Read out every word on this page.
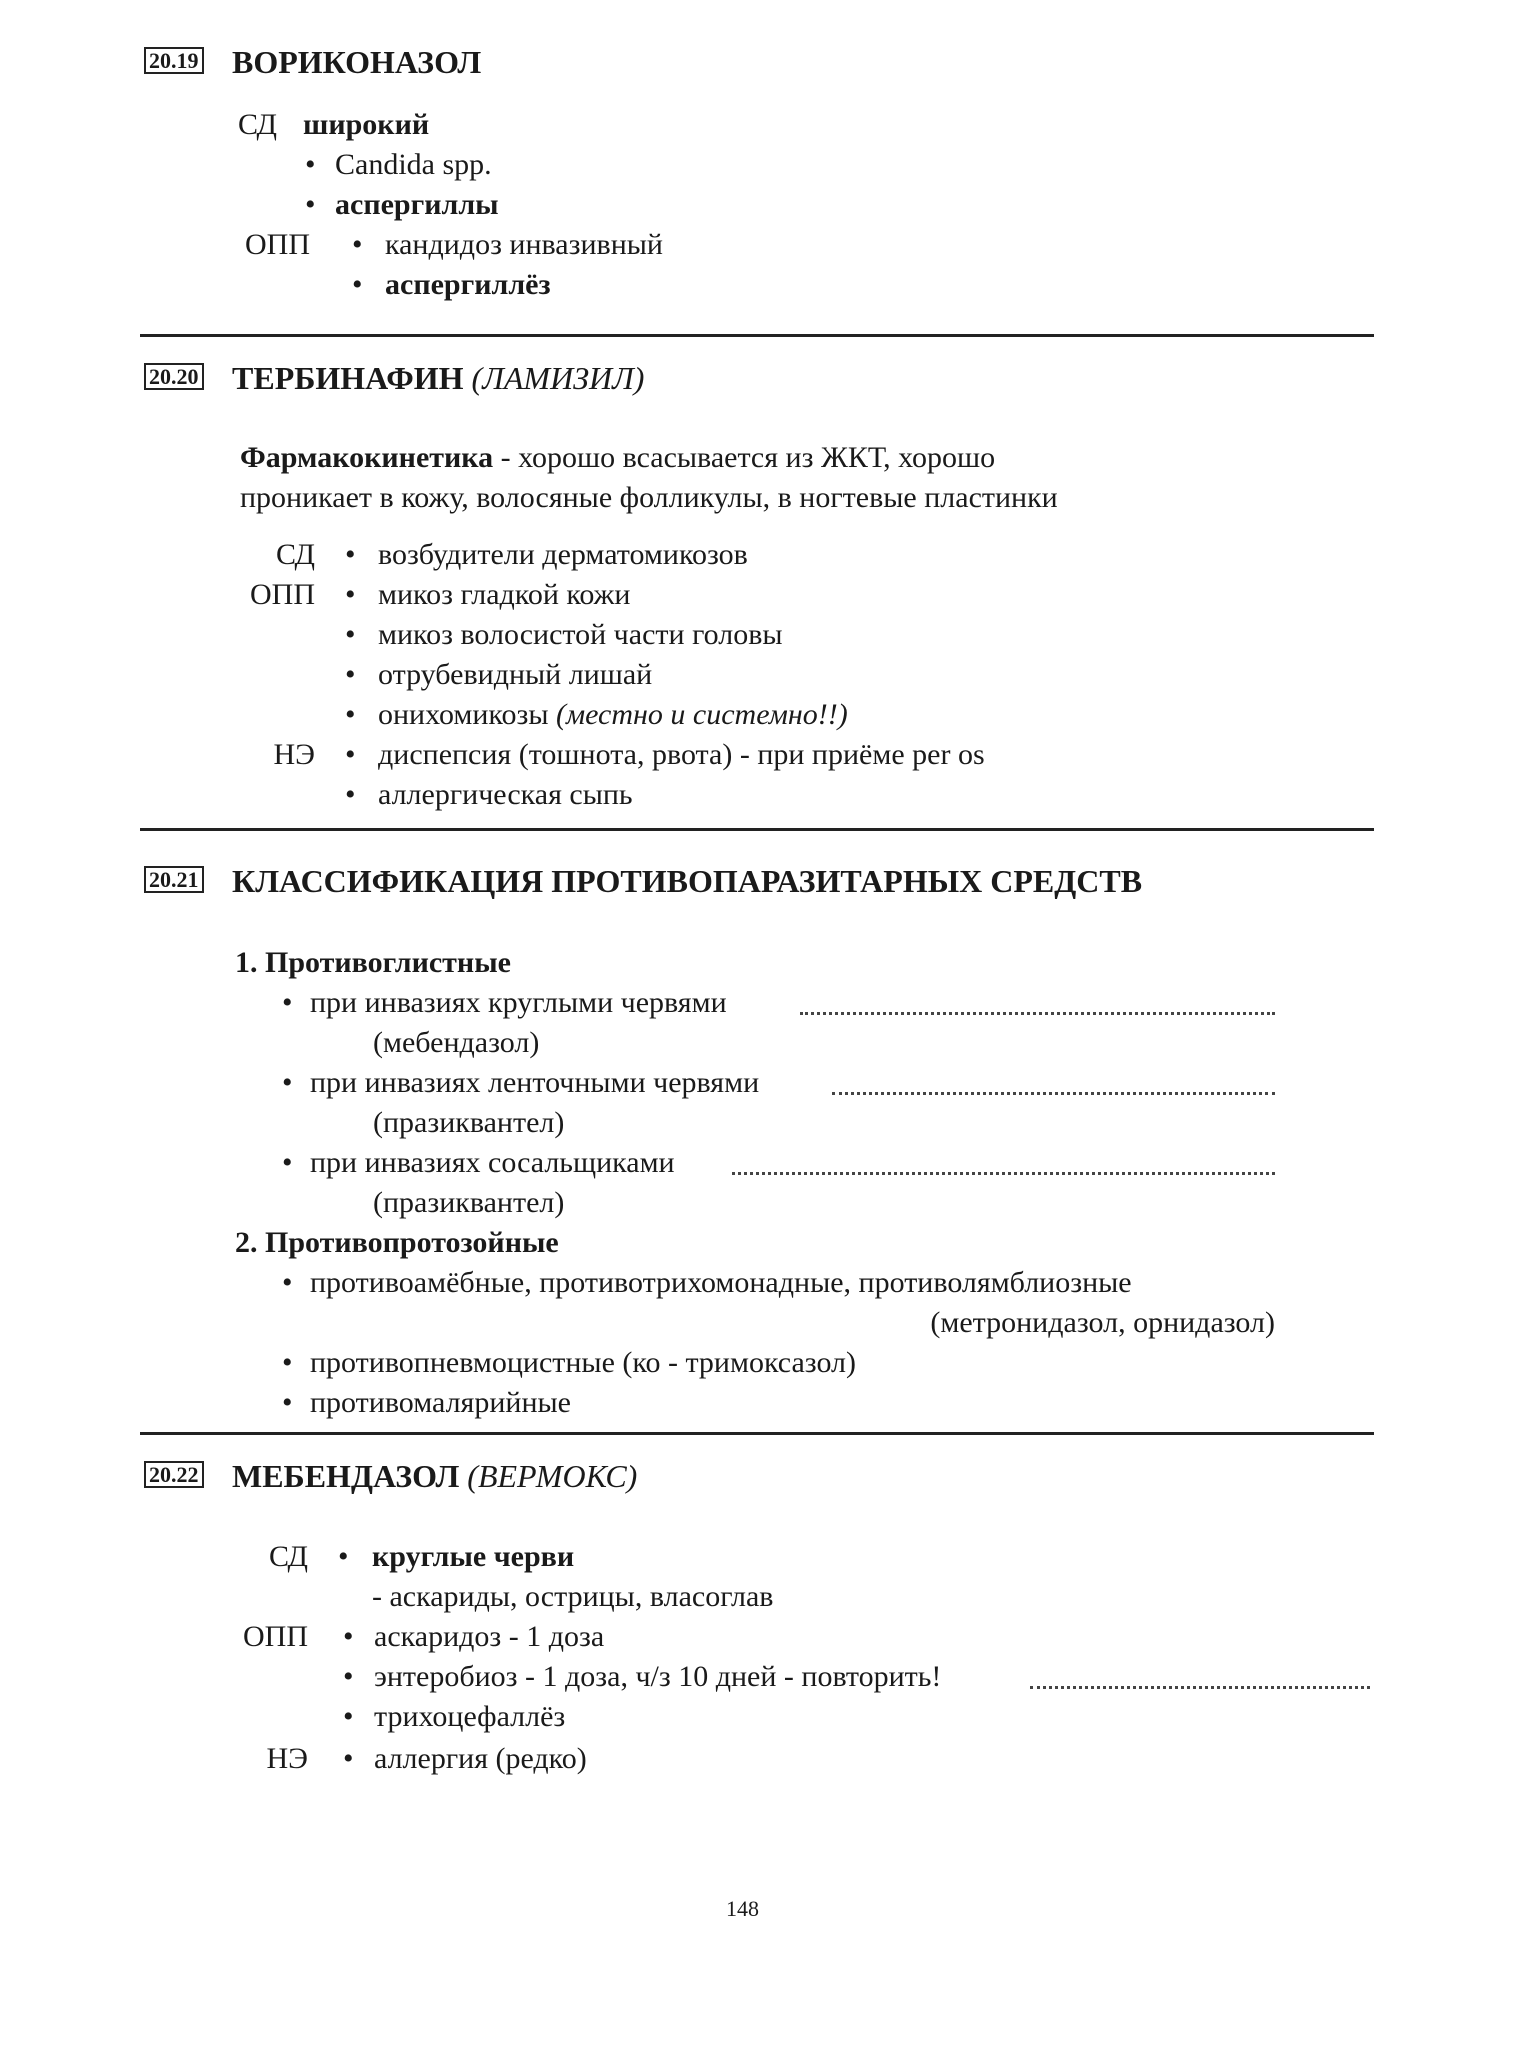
20.19 ВОРИКОНАЗОЛ
СД широкий
• Candida spp.
• аспергиллы
ОПП • кандидоз инвазивный
• аспергиллёз
20.20 ТЕРБИНАФИН (ЛАМИЗИЛ)
Фармакокинетика - хорошо всасывается из ЖКТ, хорошо
проникает в кожу, волосяные фолликулы, в ногтевые пластинки
СД • возбудители дерматомикозов
ОПП • микоз гладкой кожи
• микоз волосистой части головы
• отрубевидный лишай
• онихомикозы (местно и системно!!)
НЭ • диспепсия (тошнота, рвота) - при приёме per os
• аллергическая сыпь
20.21 КЛАССИФИКАЦИЯ ПРОТИВОПАРАЗИТАРНЫХ СРЕДСТВ
1. Противоглистные
• при инвазиях круглыми червями
(мебендазол)
• при инвазиях ленточными червями
(празиквантел)
• при инвазиях сосальщиками
(празиквантел)
2. Противопротозойные
• противоамёбные, противотрихомонадные, противолямблиозные
(метронидазол, орнидазол)
• противопневмоцистные (ко - тримоксазол)
• противомалярийные
20.22 МЕБЕНДАЗОЛ (ВЕРМОКС)
СД • круглые черви
- аскариды, острицы, власоглав
ОПП • аскаридоз - 1 доза
• энтеробиоз - 1 доза, ч/з 10 дней - повторить!
• трихоцефаллёз
НЭ • аллергия (редко)
148
